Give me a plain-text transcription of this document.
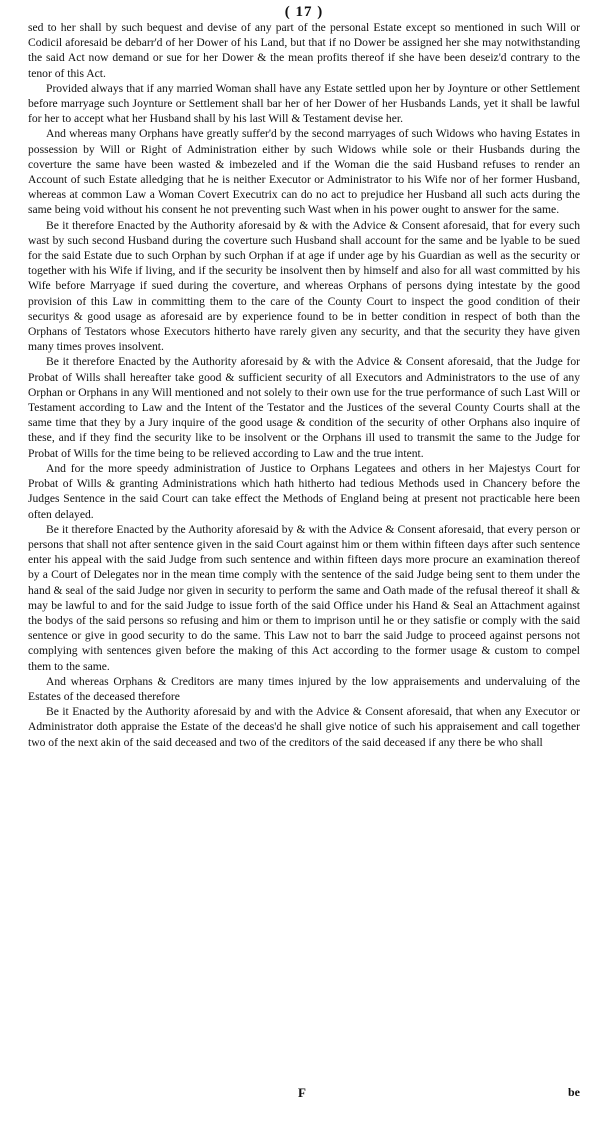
( 17 )

sed to her shall by such bequest and devise of any part of the personal Estate except so mentioned in such Will or Codicil aforesaid be debarr'd of her Dower of his Land, but that if no Dower be assigned her she may notwithstanding the said Act now demand or sue for her Dower & the mean profits thereof if she have been deseiz'd contrary to the tenor of this Act.

Provided always that if any married Woman shall have any Estate settled upon her by Joynture or other Settlement before marryage such Joynture or Settlement shall bar her of her Dower of her Husbands Lands, yet it shall be lawful for her to accept what her Husband shall by his last Will & Testament devise her.

And whereas many Orphans have greatly suffer'd by the second marryages of such Widows who having Estates in possession by Will or Right of Administration either by such Widows while sole or their Husbands during the coverture the same have been wasted & imbezeled and if the Woman die the said Husband refuses to render an Account of such Estate alledging that he is neither Executor or Administrator to his Wife nor of her former Husband, whereas at common Law a Woman Covert Executrix can do no act to prejudice her Husband all such acts during the same being void without his consent he not preventing such Wast when in his power ought to answer for the same.

Be it therefore Enacted by the Authority aforesaid by & with the Advice & Consent aforesaid, that for every such wast by such second Husband during the coverture such Husband shall account for the same and be lyable to be sued for the said Estate due to such Orphan by such Orphan if at age if under age by his Guardian as well as the security or together with his Wife if living, and if the security be insolvent then by himself and also for all wast committed by his Wife before Marryage if sued during the coverture, and whereas Orphans of persons dying intestate by the good provision of this Law in committing them to the care of the County Court to inspect the good condition of their securitys & good usage as aforesaid are by experience found to be in better condition in respect of both than the Orphans of Testators whose Executors hitherto have rarely given any security, and that the security they have given many times proves insolvent.

Be it therefore Enacted by the Authority aforesaid by & with the Advice & Consent aforesaid, that the Judge for Probat of Wills shall hereafter take good & sufficient security of all Executors and Administrators to the use of any Orphan or Orphans in any Will mentioned and not solely to their own use for the true performance of such Last Will or Testament according to Law and the Intent of the Testator and the Justices of the several County Courts shall at the same time that they by a Jury inquire of the good usage & condition of the security of other Orphans also inquire of these, and if they find the security like to be insolvent or the Orphans ill used to transmit the same to the Judge for Probat of Wills for the time being to be relieved according to Law and the true intent.

And for the more speedy administration of Justice to Orphans Legatees and others in her Majestys Court for Probat of Wills & granting Administrations which hath hitherto had tedious Methods used in Chancery before the Judges Sentence in the said Court can take effect the Methods of England being at present not practicable here been often delayed.

Be it therefore Enacted by the Authority aforesaid by & with the Advice & Consent aforesaid, that every person or persons that shall not after sentence given in the said Court against him or them within fifteen days after such sentence enter his appeal with the said Judge from such sentence and within fifteen days more procure an examination thereof by a Court of Delegates nor in the mean time comply with the sentence of the said Judge being sent to them under the hand & seal of the said Judge nor given in security to perform the same and Oath made of the refusal thereof it shall & may be lawful to and for the said Judge to issue forth of the said Office under his Hand & Seal an Attachment against the bodys of the said persons so refusing and him or them to imprison until he or they satisfie or comply with the said sentence or give in good security to do the same. This Law not to barr the said Judge to proceed against persons not complying with sentences given before the making of this Act according to the former usage & custom to compel them to the same.

And whereas Orphans & Creditors are many times injured by the low appraisements and undervaluing of the Estates of the deceased therefore

Be it Enacted by the Authority aforesaid by and with the Advice & Consent aforesaid, that when any Executor or Administrator doth appraise the Estate of the deceas'd he shall give notice of such his appraisement and call together two of the next akin of the said deceased and two of the creditors of the said deceased if any there be who shall

F	be
